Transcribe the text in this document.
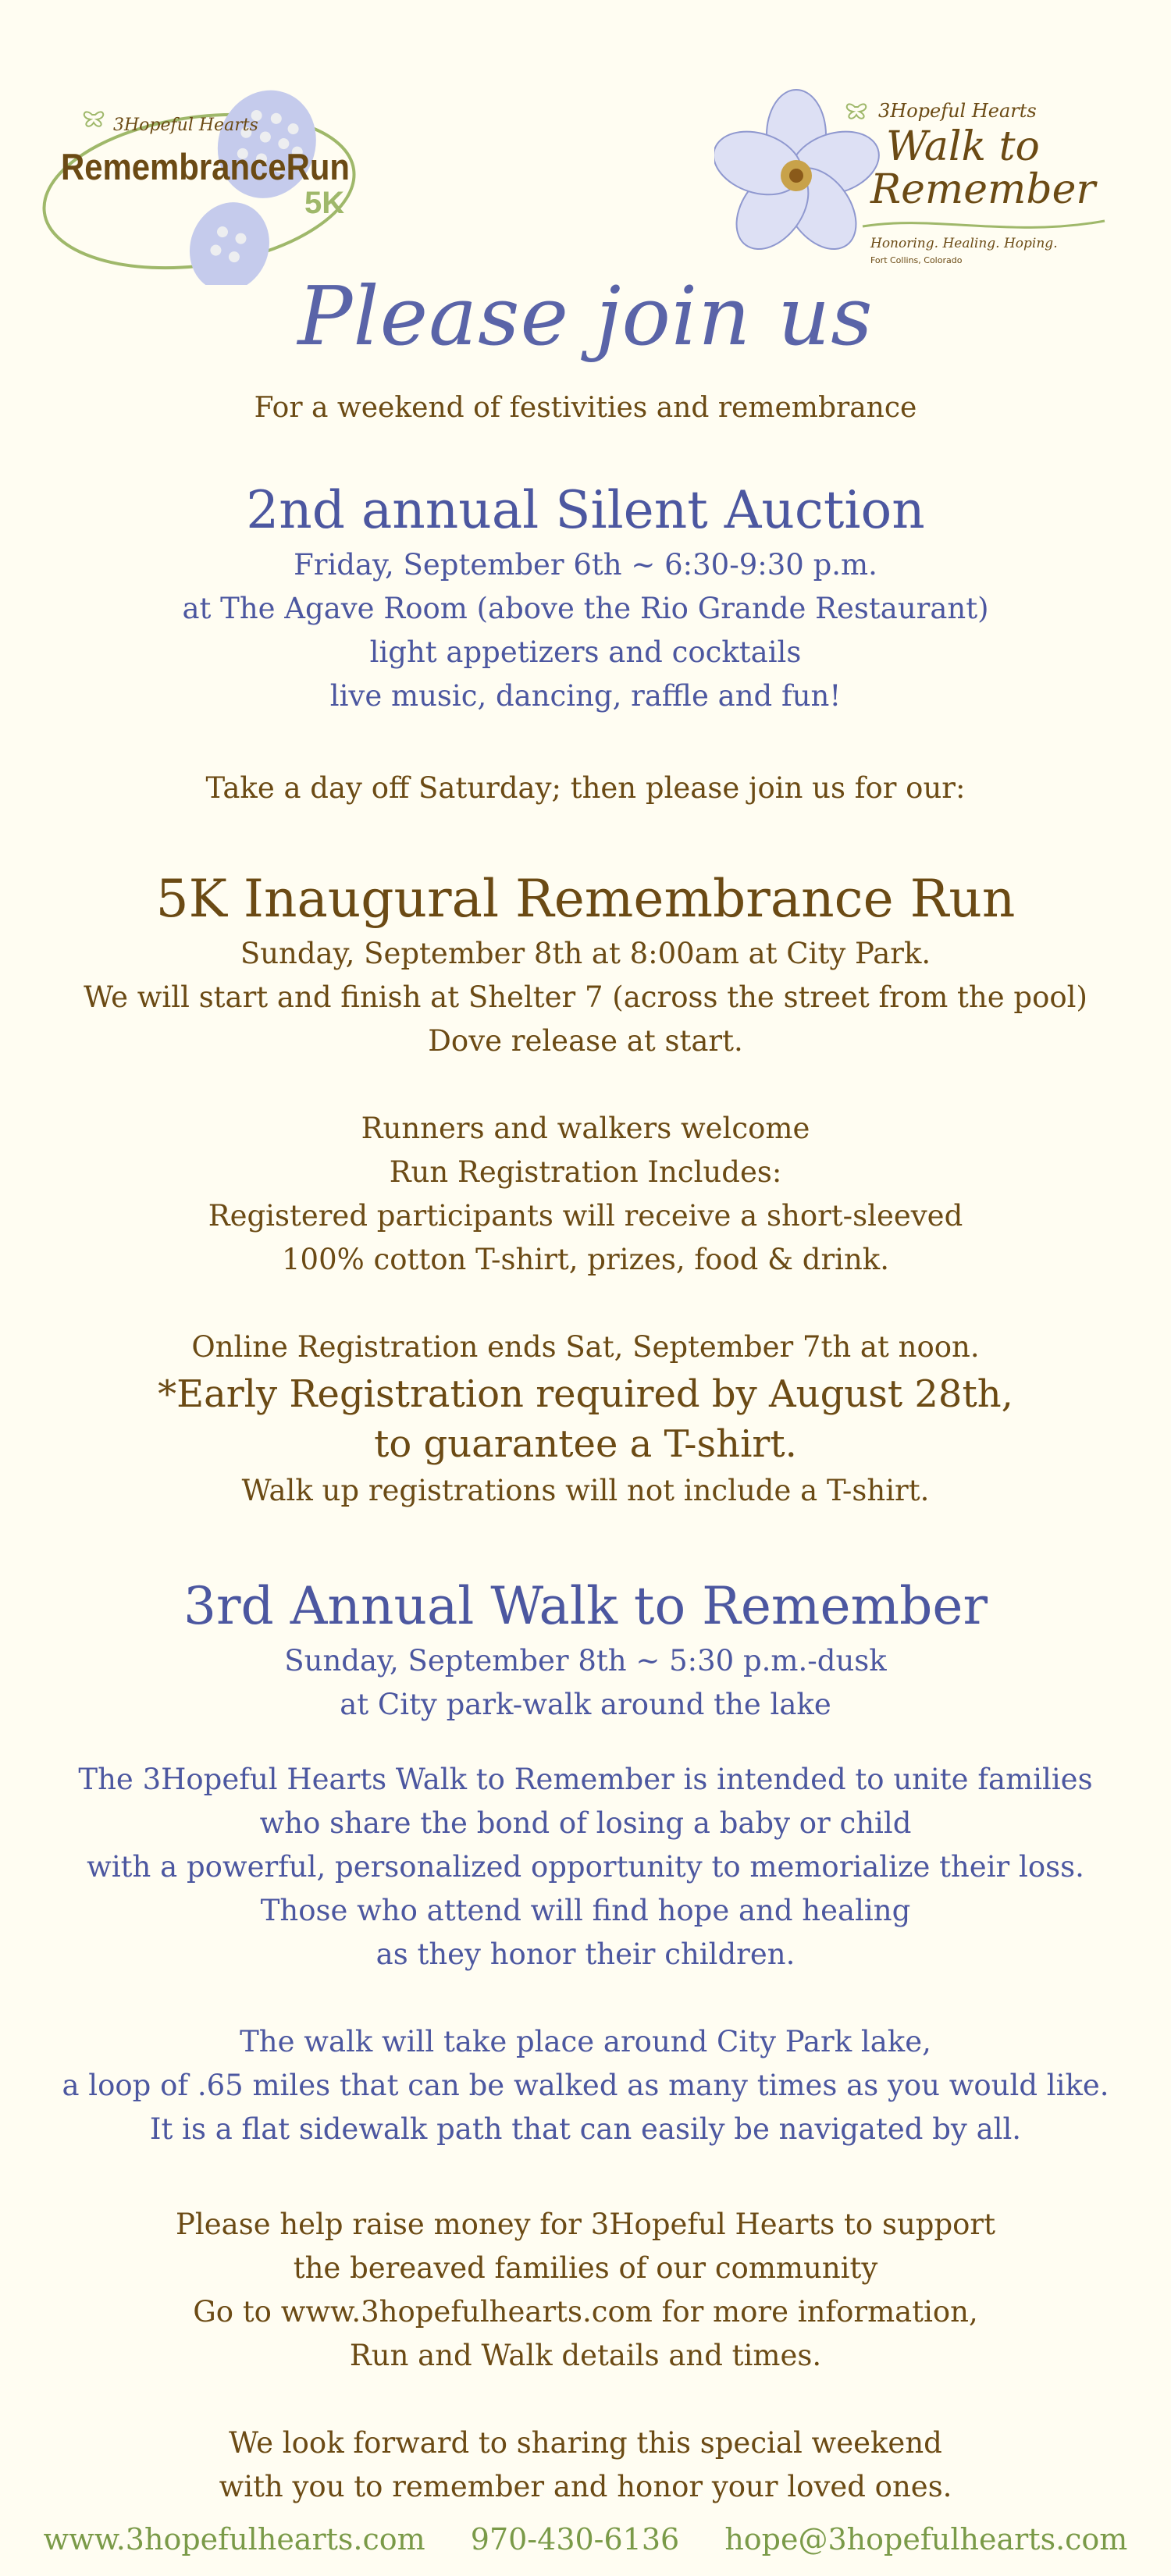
3Hopeful Hearts
RemembranceRun
5K
3Hopeful Hearts
Walk to
Remember
Honoring. Healing. Hoping.
Fort Collins, Colorado
Please join us
For a weekend of festivities and remembrance
2nd annual Silent Auction
Friday, September 6th ~ 6:30-9:30 p.m.
at The Agave Room (above the Rio Grande Restaurant)
light appetizers and cocktails
live music, dancing, raffle and fun!
Take a day off Saturday; then please join us for our:
5K Inaugural Remembrance Run
Sunday, September 8th at 8:00am at City Park.
We will start and finish at Shelter 7 (across the street from the pool)
Dove release at start.
Runners and walkers welcome
Run Registration Includes:
Registered participants will receive a short-sleeved
100% cotton T-shirt, prizes, food & drink.
Online Registration ends Sat, September 7th at noon.
*Early Registration required by August 28th,
to guarantee a T-shirt.
Walk up registrations will not include a T-shirt.
3rd Annual Walk to Remember
Sunday, September 8th ~ 5:30 p.m.-dusk
at City park-walk around the lake
The 3Hopeful Hearts Walk to Remember is intended to unite families
who share the bond of losing a baby or child
with a powerful, personalized opportunity to memorialize their loss.
Those who attend will find hope and healing
as they honor their children.
The walk will take place around City Park lake,
a loop of .65 miles that can be walked as many times as you would like.
It is a flat sidewalk path that can easily be navigated by all.
Please help raise money for 3Hopeful Hearts to support
the bereaved families of our community
Go to www.3hopefulhearts.com for more information,
Run and Walk details and times.
We look forward to sharing this special weekend
with you to remember and honor your loved ones.
www.3hopefulhearts.com 970-430-6136 hope@3hopefulhearts.com
